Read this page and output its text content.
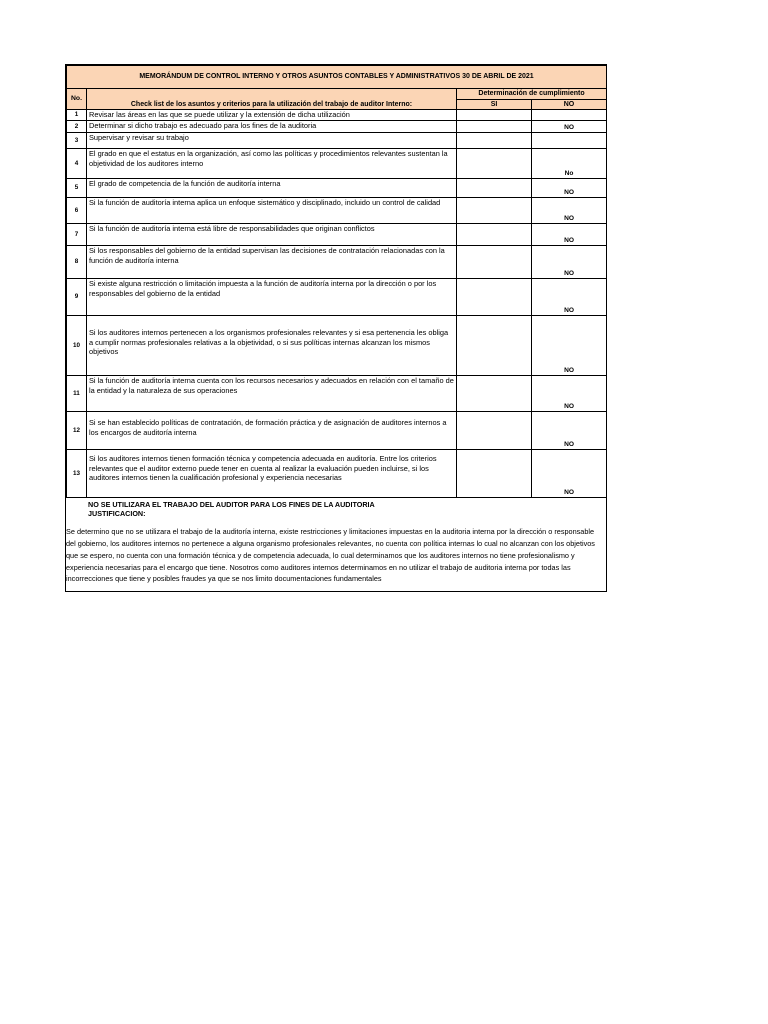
MEMORÁNDUM DE CONTROL INTERNO Y OTROS ASUNTOS CONTABLES Y ADMINISTRATIVOS 30 DE ABRIL DE 2021			
No.	Check list de los asuntos y criterios para la utilización del trabajo de auditor Interno:	Determinación de cumplimiento	
		SI	NO
1	Revisar las áreas en las que se puede utilizar y la extensión de dicha utilización		
2	Determinar si dicho trabajo es adecuado para los fines de la auditoria		NO
3	Supervisar y revisar su trabajo		
4	El grado en que el estatus en la organización, así como las políticas y procedimientos relevantes sustentan la objetividad de los auditores interno		No
5	El grado de competencia de la función de auditoría interna		NO
6	Si la función de auditoría interna aplica un enfoque sistemático y disciplinado, incluido un control de calidad		NO
7	Si la función de auditoría interna está libre de responsabilidades que originan conflictos		NO
8	Si los responsables del gobierno de la entidad supervisan las decisiones de contratación relacionadas con la función de auditoría interna		NO
9	Si existe alguna restricción o limitación impuesta a la función de auditoría interna por la dirección o por los responsables del gobierno de la entidad		NO
10	Si los auditores internos pertenecen a los organismos profesionales relevantes y si esa pertenencia les obliga a cumplir normas profesionales relativas a la objetividad, o si sus políticas internas alcanzan los mismos objetivos		NO
11	Si la función de auditoría interna cuenta con los recursos necesarios y adecuados en relación con el tamaño de la entidad y la naturaleza de sus operaciones		NO
12	Si se han establecido políticas de contratación, de formación práctica y de asignación de auditores internos a los encargos de auditoría interna		NO
13	Si los auditores internos tienen formación técnica y competencia adecuada en auditoría. Entre los criterios relevantes que el auditor externo puede tener en cuenta al realizar la evaluación pueden incluirse, si los auditores internos tienen la cualificación profesional y experiencia necesarias		NO
NO SE UTILIZARA EL TRABAJO DEL AUDITOR PARA LOS FINES DE LA AUDITORIA
JUSTIFICACION:
Se determino que no se utilizara el trabajo de la auditoría interna, existe restricciones y limitaciones impuestas en la auditoria interna por la dirección o responsable del gobierno, los auditores internos no pertenece a alguna organismo profesionales relevantes, no cuenta con política internas lo cual no alcanzan con los objetivos que se espero, no cuenta con una formación técnica y de competencia adecuada, lo cual determinamos que los auditores internos no tiene profesionalismo y experiencia necesarias para el encargo que tiene. Nosotros como auditores internos determinamos en no utilizar el trabajo de auditoria interna por todas las incorrecciones que tiene y posibles fraudes ya que se nos limito documentaciones fundamentales
